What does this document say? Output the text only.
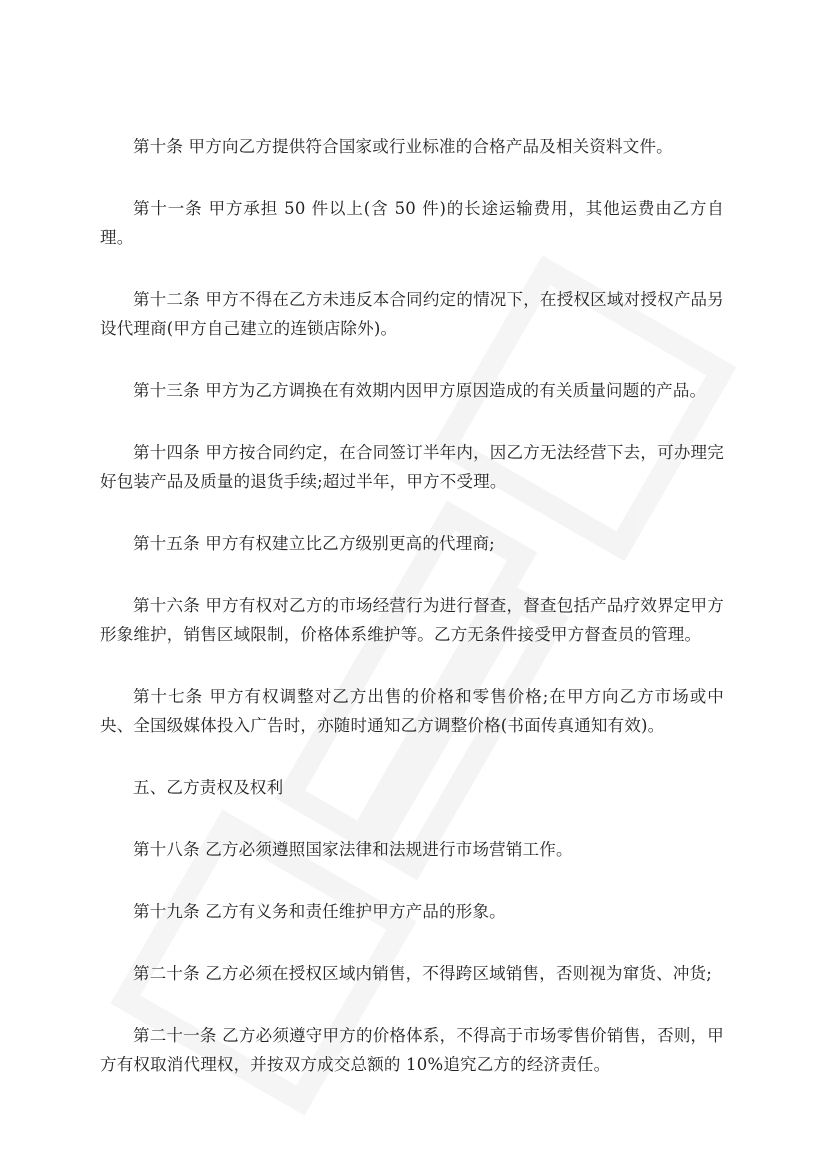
第十条 甲方向乙方提供符合国家或行业标准的合格产品及相关资料文件。

第十一条 甲方承担 50 件以上(含 50 件)的长途运输费用，其他运费由乙方自理。

第十二条 甲方不得在乙方未违反本合同约定的情况下，在授权区域对授权产品另设代理商(甲方自己建立的连锁店除外)。

第十三条 甲方为乙方调换在有效期内因甲方原因造成的有关质量问题的产品。

第十四条 甲方按合同约定，在合同签订半年内，因乙方无法经营下去，可办理完好包装产品及质量的退货手续;超过半年，甲方不受理。

第十五条 甲方有权建立比乙方级别更高的代理商;

第十六条 甲方有权对乙方的市场经营行为进行督查，督查包括产品疗效界定甲方形象维护，销售区域限制，价格体系维护等。乙方无条件接受甲方督查员的管理。

第十七条 甲方有权调整对乙方出售的价格和零售价格;在甲方向乙方市场或中央、全国级媒体投入广告时，亦随时通知乙方调整价格(书面传真通知有效)。

五、乙方责权及权利

第十八条 乙方必须遵照国家法律和法规进行市场营销工作。

第十九条 乙方有义务和责任维护甲方产品的形象。

第二十条 乙方必须在授权区域内销售，不得跨区域销售，否则视为窜货、冲货;

第二十一条 乙方必须遵守甲方的价格体系，不得高于市场零售价销售，否则，甲方有权取消代理权，并按双方成交总额的 10%追究乙方的经济责任。
